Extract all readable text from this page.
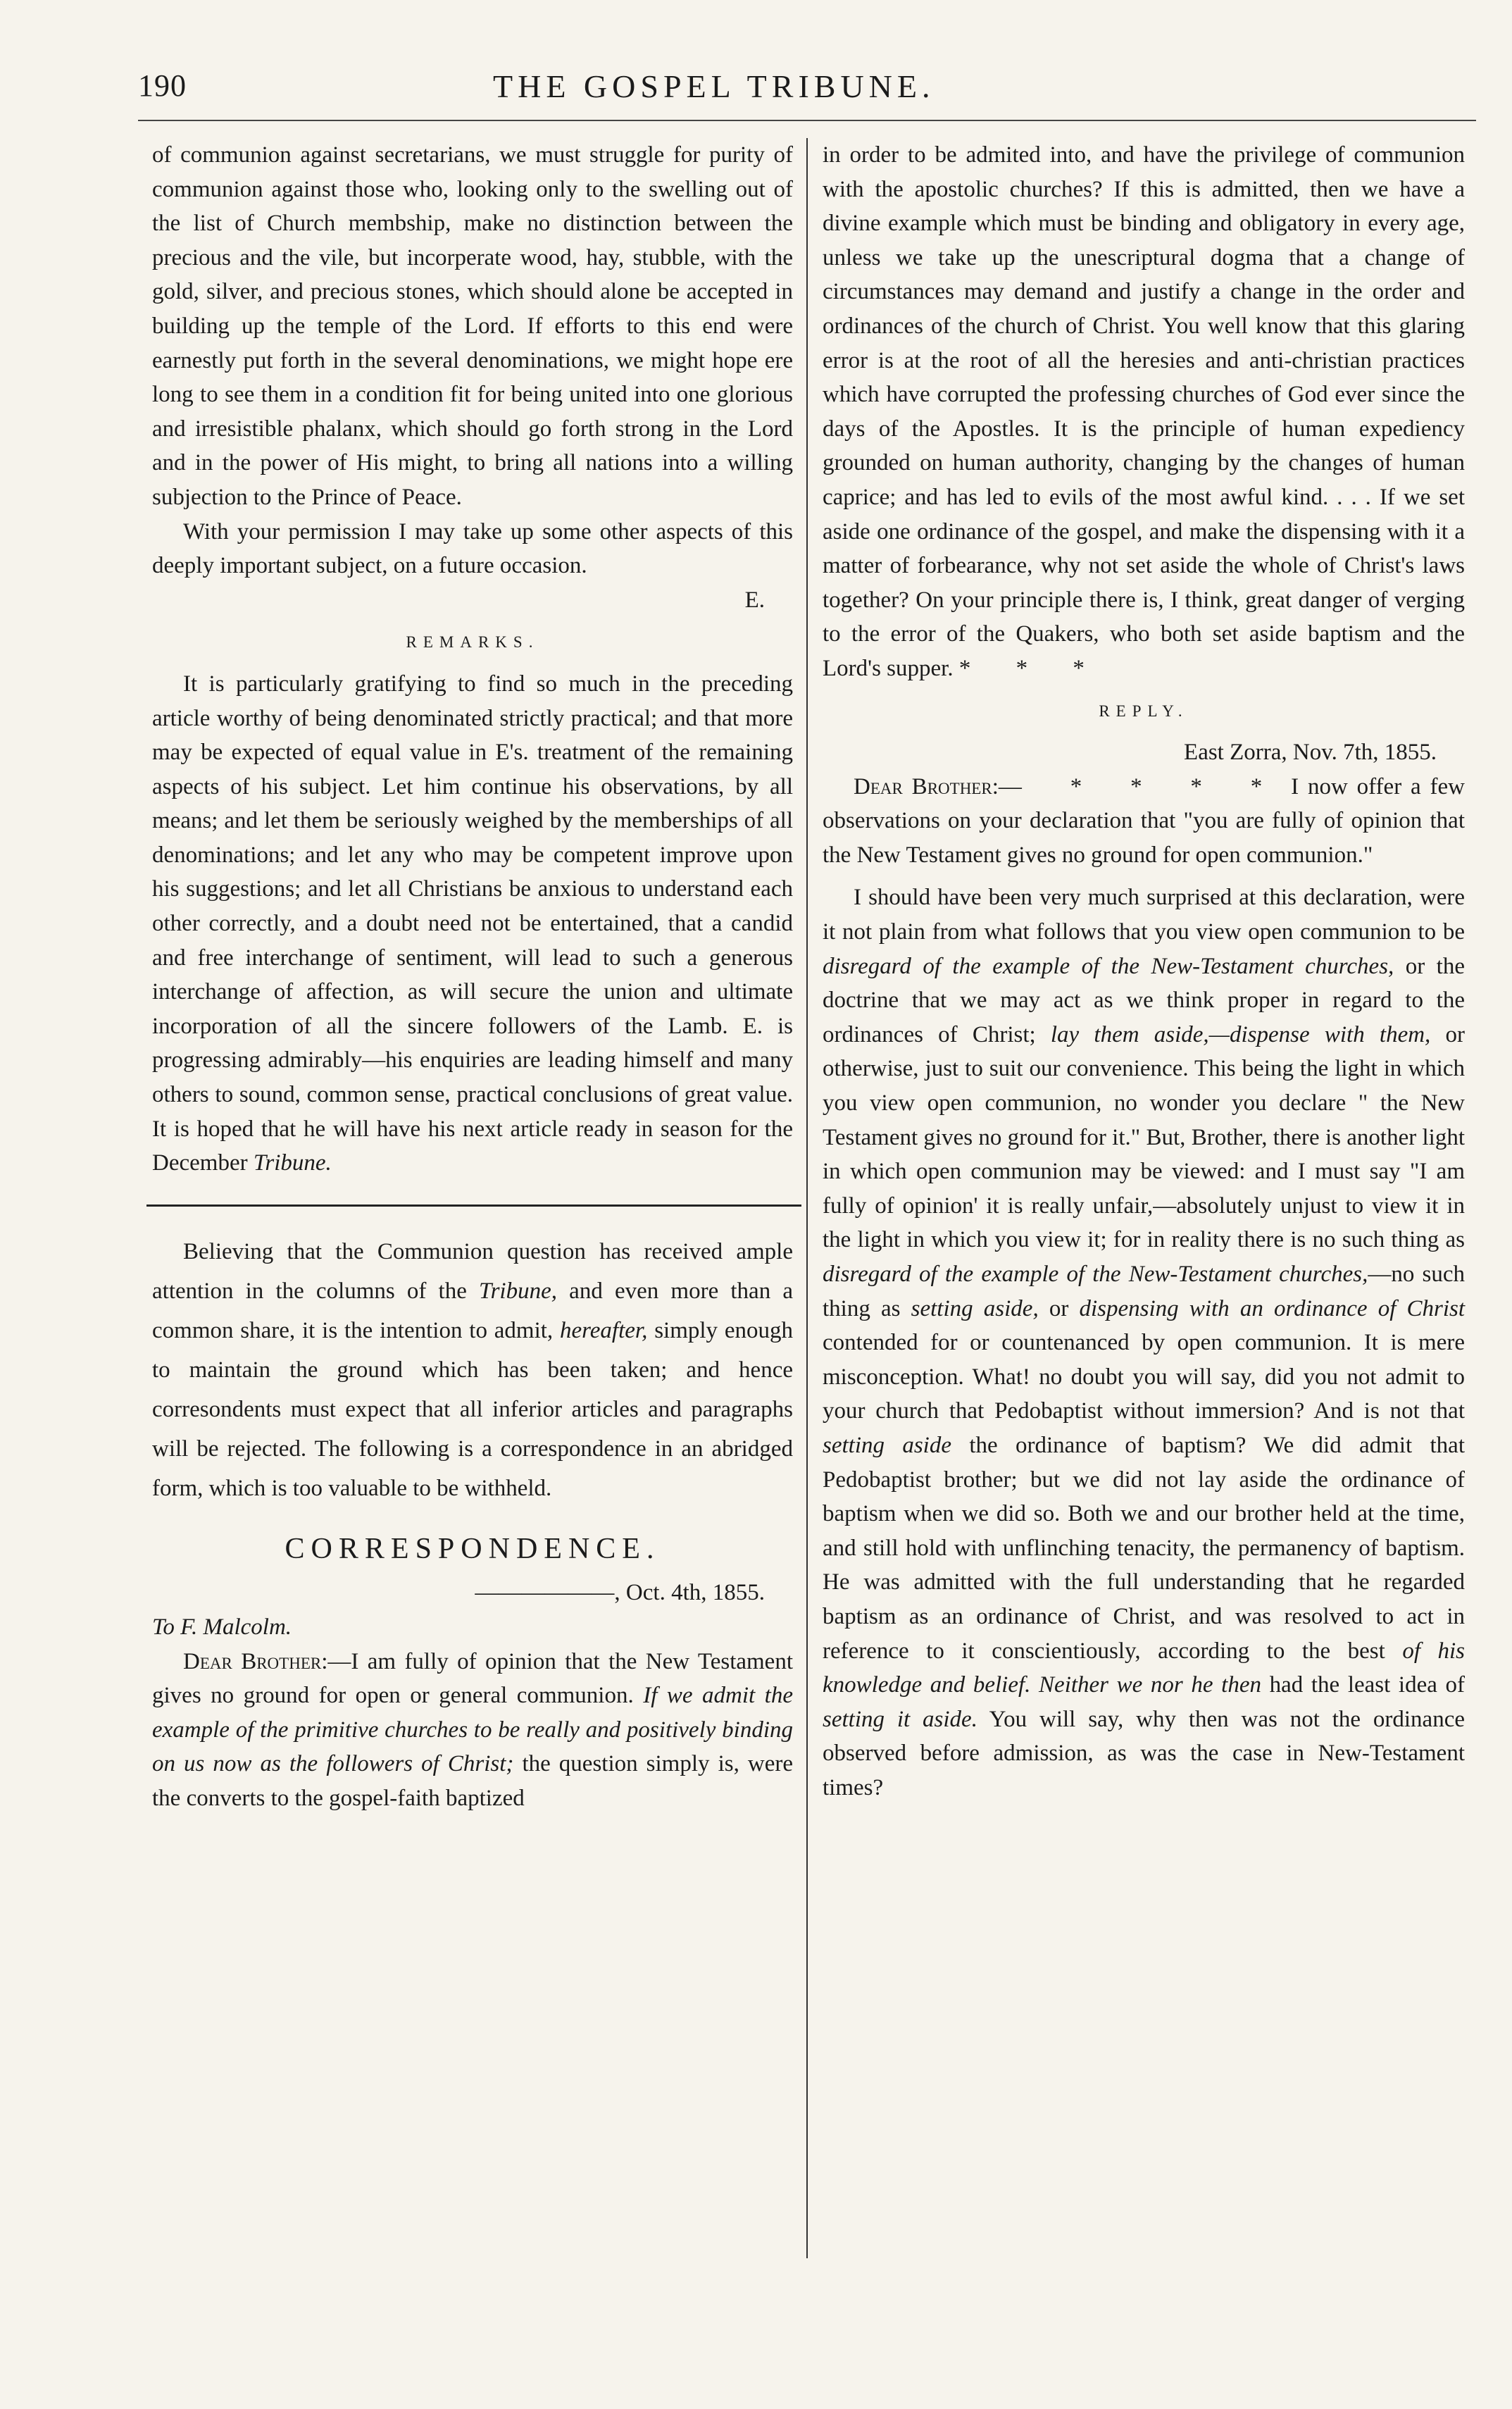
190	THE GOSPEL TRIBUNE.

of communion against secretarians, we must struggle for purity of communion against those who, looking only to the swelling out of the list of Church membship, make no distinction between the precious and the vile, but incorperate wood, hay, stubble, with the gold, silver, and precious stones, which should alone be accepted in building up the temple of the Lord. If efforts to this end were earnestly put forth in the several denominations, we might hope ere long to see them in a condition fit for being united into one glorious and irresistible phalanx, which should go forth strong in the Lord and in the power of His might, to bring all nations into a willing subjection to the Prince of Peace.

With your permission I may take up some other aspects of this deeply important subject, on a future occasion.

E.
REMARKS.

It is particularly gratifying to find so much in the preceding article worthy of being denominated strictly practical; and that more may be expected of equal value in E's. treatment of the remaining aspects of his subject. Let him continue his observations, by all means; and let them be seriously weighed by the memberships of all denominations; and let any who may be competent improve upon his suggestions; and let all Christians be anxious to understand each other correctly, and a doubt need not be entertained, that a candid and free interchange of sentiment, will lead to such a generous interchange of affection, as will secure the union and ultimate incorporation of all the sincere followers of the Lamb. E. is progressing admirably—his enquiries are leading himself and many others to sound, common sense, practical conclusions of great value. It is hoped that he will have his next article ready in season for the December Tribune.

Believing that the Communion question has received ample attention in the columns of the Tribune, and even more than a common share, it is the intention to admit, hereafter, simply enough to maintain the ground which has been taken; and hence corresondents must expect that all inferior articles and paragraphs will be rejected. The following is a correspondence in an abridged form, which is too valuable to be withheld.

CORRESPONDENCE.
——————, Oct. 4th, 1855.

To F. Malcolm.

Dear Brother:—I am fully of opinion that the New Testament gives no ground for open or general communion. If we admit the example of the primitive churches to be really and positively binding on us now as the followers of Christ; the question simply is, were the converts to the gospel-faith baptized

in order to be admited into, and have the privilege of communion with the apostolic churches? If this is admitted, then we have a divine example which must be binding and obligatory in every age, unless we take up the unescriptural dogma that a change of circumstances may demand and justify a change in the order and ordinances of the church of Christ. You well know that this glaring error is at the root of all the heresies and anti-christian practices which have corrupted the professing churches of God ever since the days of the Apostles. It is the principle of human expediency grounded on human authority, changing by the changes of human caprice; and has led to evils of the most awful kind. . . . If we set aside one ordinance of the gospel, and make the dispensing with it a matter of forbearance, why not set aside the whole of Christ's laws together? On your principle there is, I think, great danger of verging to the error of the Quakers, who both set aside baptism and the Lord's supper. * * *

REPLY.
East Zorra, Nov. 7th, 1855.

Dear Brother:— * * * * I now offer a few observations on your declaration that "you are fully of opinion that the New Testament gives no ground for open communion."

I should have been very much surprised at this declaration, were it not plain from what follows that you view open communion to be disregard of the example of the New-Testament churches, or the doctrine that we may act as we think proper in regard to the ordinances of Christ; lay them aside,—dispense with them, or otherwise, just to suit our convenience. This being the light in which you view open communion, no wonder you declare " the New Testament gives no ground for it." But, Brother, there is another light in which open communion may be viewed: and I must say "I am fully of opinion' it is really unfair,—absolutely unjust to view it in the light in which you view it; for in reality there is no such thing as disregard of the example of the New-Testament churches,—no such thing as setting aside, or dispensing with an ordinance of Christ contended for or countenanced by open communion. It is mere misconception. What! no doubt you will say, did you not admit to your church that Pedobaptist without immersion? And is not that setting aside the ordinance of baptism? We did admit that Pedobaptist brother; but we did not lay aside the ordinance of baptism when we did so. Both we and our brother held at the time, and still hold with unflinching tenacity, the permanency of baptism. He was admitted with the full understanding that he regarded baptism as an ordinance of Christ, and was resolved to act in reference to it conscientiously, according to the best of his knowledge and belief. Neither we nor he then had the least idea of setting it aside. You will say, why then was not the ordinance observed before admission, as was the case in New-Testament times?
